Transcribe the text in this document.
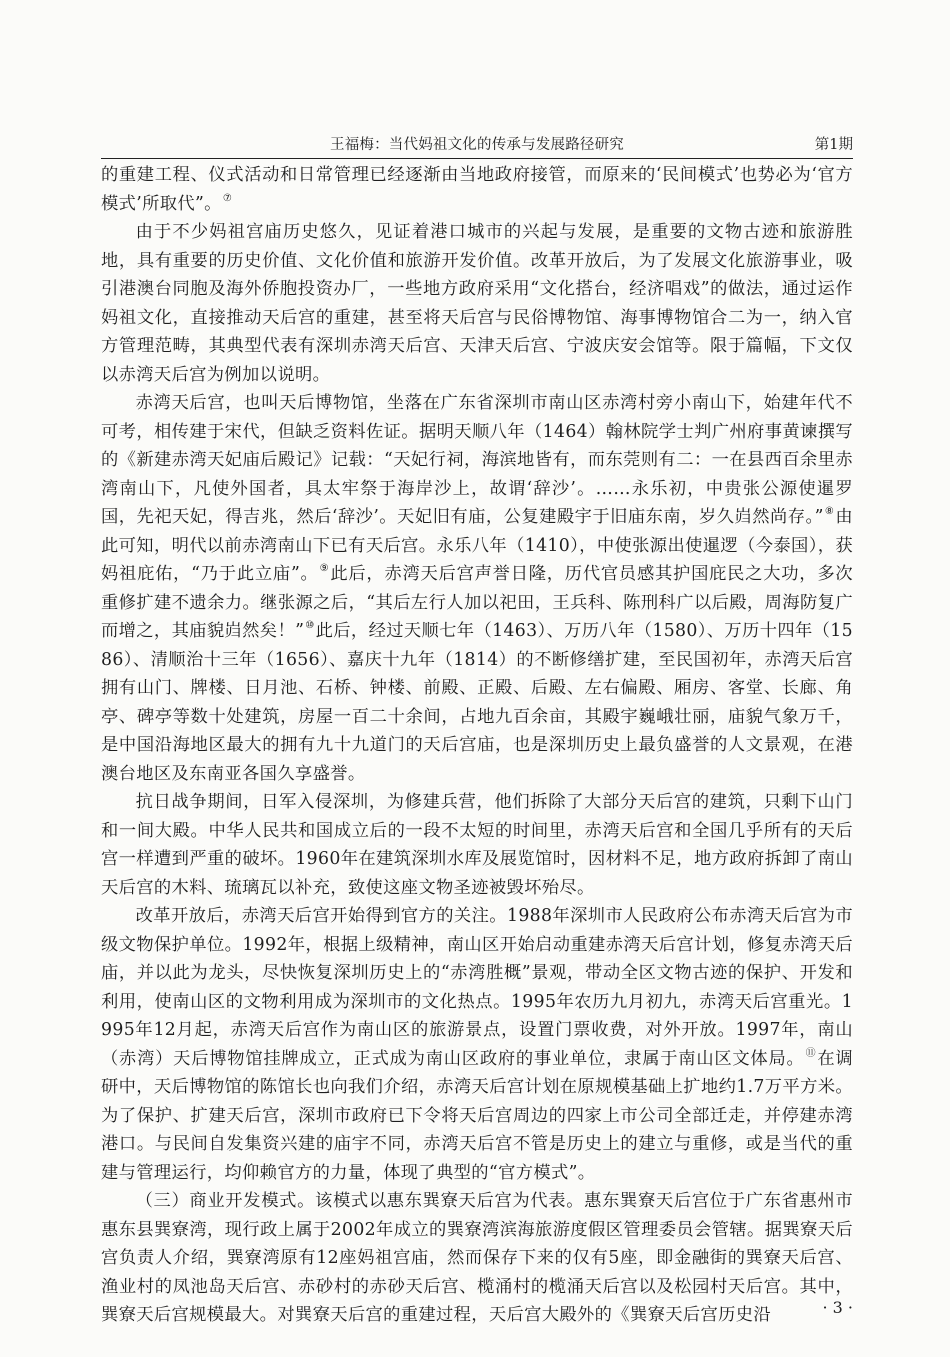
王福梅：当代妈祖文化的传承与发展路径研究	第1期

的重建工程、仪式活动和日常管理已经逐渐由当地政府接管，而原来的‘民间模式’也势必为‘官方模式’所取代”。⑦

由于不少妈祖宫庙历史悠久，见证着港口城市的兴起与发展，是重要的文物古迹和旅游胜地，具有重要的历史价值、文化价值和旅游开发价值。改革开放后，为了发展文化旅游事业，吸引港澳台同胞及海外侨胞投资办厂，一些地方政府采用“文化搭台，经济唱戏”的做法，通过运作妈祖文化，直接推动天后宫的重建，甚至将天后宫与民俗博物馆、海事博物馆合二为一，纳入官方管理范畴，其典型代表有深圳赤湾天后宫、天津天后宫、宁波庆安会馆等。限于篇幅，下文仅以赤湾天后宫为例加以说明。

赤湾天后宫，也叫天后博物馆，坐落在广东省深圳市南山区赤湾村旁小南山下，始建年代不可考，相传建于宋代，但缺乏资料佐证。据明天顺八年（1464）翰林院学士判广州府事黄谏撰写的《新建赤湾天妃庙后殿记》记载：“天妃行祠，海滨地皆有，而东莞则有二：一在县西百余里赤湾南山下，凡使外国者，具太牢祭于海岸沙上，故谓‘辞沙’。……永乐初，中贵张公源使暹罗国，先祀天妃，得吉兆，然后‘辞沙’。天妃旧有庙，公复建殿宇于旧庙东南，岁久岿然尚存。”⑧由此可知，明代以前赤湾南山下已有天后宫。永乐八年（1410），中使张源出使暹逻（今泰国），获妈祖庇佑，“乃于此立庙”。⑨此后，赤湾天后宫声誉日隆，历代官员感其护国庇民之大功，多次重修扩建不遗余力。继张源之后，“其后左行人加以祀田，王兵科、陈刑科广以后殿，周海防复广而增之，其庙貌岿然矣！”⑩此后，经过天顺七年（1463）、万历八年（1580）、万历十四年（1586）、清顺治十三年（1656）、嘉庆十九年（1814）的不断修缮扩建，至民国初年，赤湾天后宫拥有山门、牌楼、日月池、石桥、钟楼、前殿、正殿、后殿、左右偏殿、厢房、客堂、长廊、角亭、碑亭等数十处建筑，房屋一百二十余间，占地九百余亩，其殿宇巍峨壮丽，庙貌气象万千，是中国沿海地区最大的拥有九十九道门的天后宫庙，也是深圳历史上最负盛誉的人文景观，在港澳台地区及东南亚各国久享盛誉。

抗日战争期间，日军入侵深圳，为修建兵营，他们拆除了大部分天后宫的建筑，只剩下山门和一间大殿。中华人民共和国成立后的一段不太短的时间里，赤湾天后宫和全国几乎所有的天后宫一样遭到严重的破坏。1960年在建筑深圳水库及展览馆时，因材料不足，地方政府拆卸了南山天后宫的木料、琉璃瓦以补充，致使这座文物圣迹被毁坏殆尽。

改革开放后，赤湾天后宫开始得到官方的关注。1988年深圳市人民政府公布赤湾天后宫为市级文物保护单位。1992年，根据上级精神，南山区开始启动重建赤湾天后宫计划，修复赤湾天后庙，并以此为龙头，尽快恢复深圳历史上的“赤湾胜概”景观，带动全区文物古迹的保护、开发和利用，使南山区的文物利用成为深圳市的文化热点。1995年农历九月初九，赤湾天后宫重光。1995年12月起，赤湾天后宫作为南山区的旅游景点，设置门票收费，对外开放。1997年，南山（赤湾）天后博物馆挂牌成立，正式成为南山区政府的事业单位，隶属于南山区文体局。⑪在调研中，天后博物馆的陈馆长也向我们介绍，赤湾天后宫计划在原规模基础上扩地约1.7万平方米。为了保护、扩建天后宫，深圳市政府已下令将天后宫周边的四家上市公司全部迁走，并停建赤湾港口。与民间自发集资兴建的庙宇不同，赤湾天后宫不管是历史上的建立与重修，或是当代的重建与管理运行，均仰赖官方的力量，体现了典型的“官方模式”。

（三）商业开发模式。该模式以惠东巽寮天后宫为代表。惠东巽寮天后宫位于广东省惠州市惠东县巽寮湾，现行政上属于2002年成立的巽寮湾滨海旅游度假区管理委员会管辖。据巽寮天后宫负责人介绍，巽寮湾原有12座妈祖宫庙，然而保存下来的仅有5座，即金融街的巽寮天后宫、渔业村的凤池岛天后宫、赤砂村的赤砂天后宫、榄涌村的榄涌天后宫以及松园村天后宫。其中，巽寮天后宫规模最大。对巽寮天后宫的重建过程，天后宫大殿外的《巽寮天后宫历史沿	· 3 ·
